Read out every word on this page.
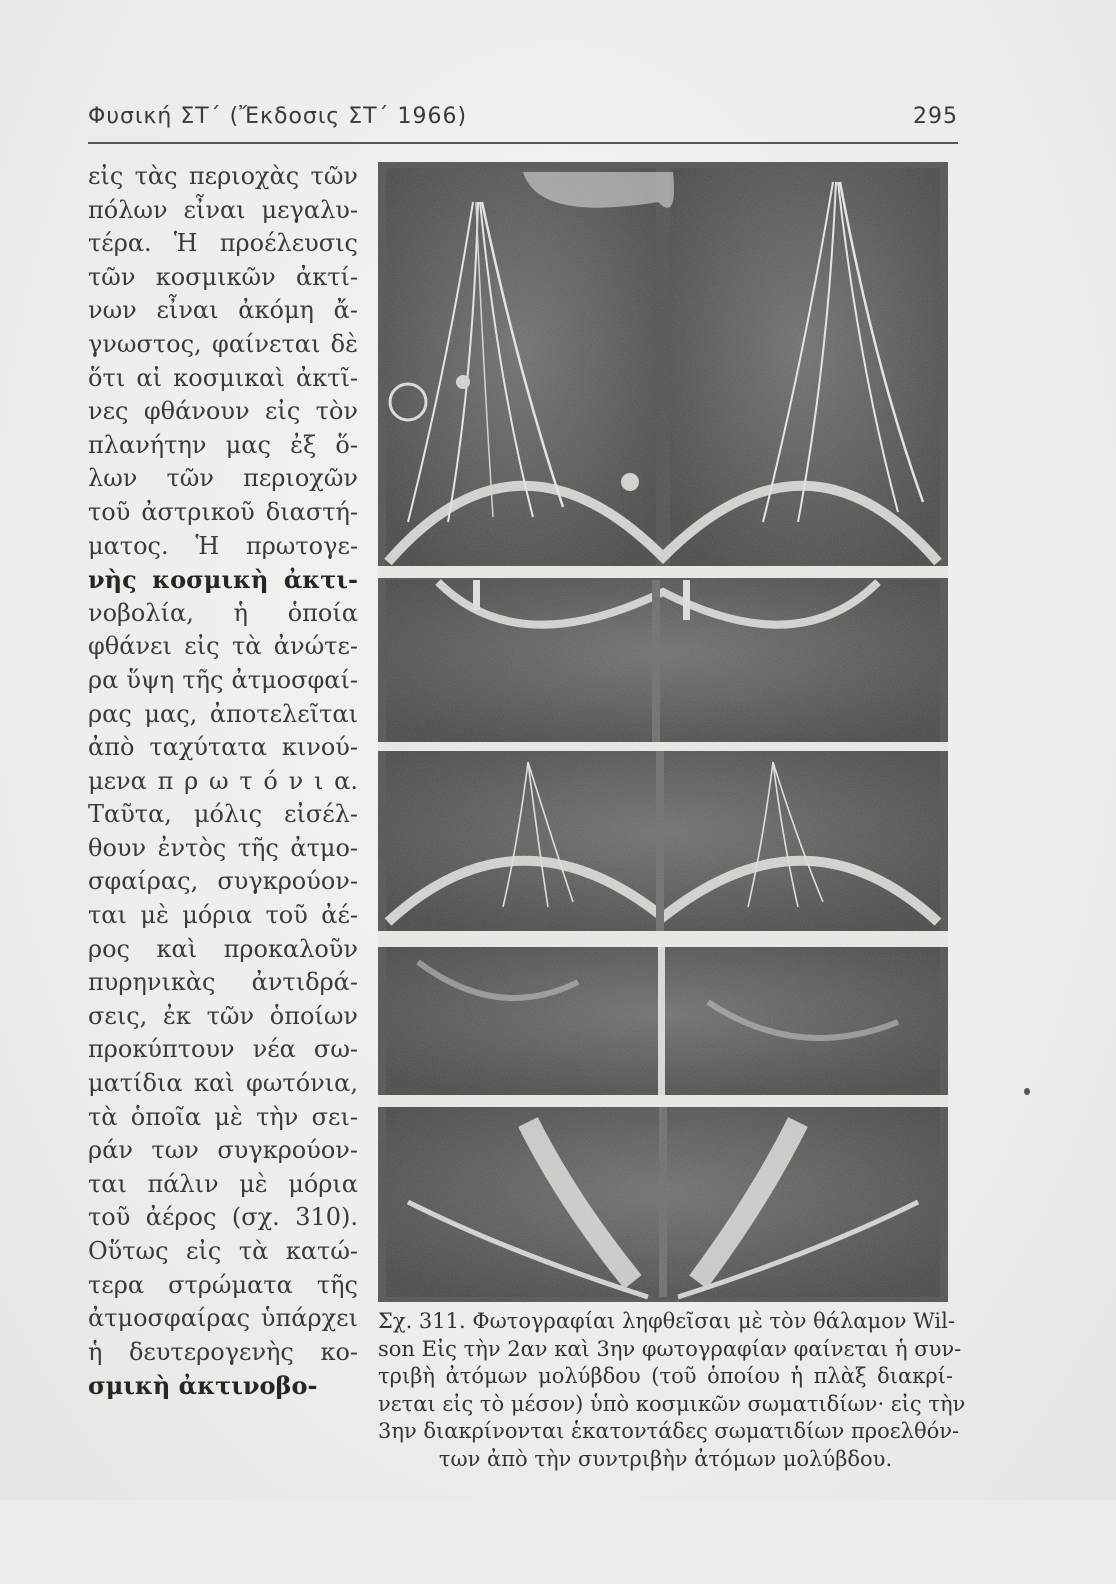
Φυσική ΣΤ΄ (Ἔκδοσις ΣΤ΄ 1966)	295
εἰς τὰς περιοχὰς τῶν
πόλων εἶναι μεγαλυ-
τέρα. Ἡ προέλευσις
τῶν κοσμικῶν ἀκτί-
νων εἶναι ἀκόμη ἄ-
γνωστος, φαίνεται δὲ
ὅτι αἱ κοσμικαὶ ἀκτῖ-
νες φθάνουν εἰς τὸν
πλανήτην μας ἐξ ὅ-
λων τῶν περιοχῶν
τοῦ ἀστρικοῦ διαστή-
ματος. Ἡ πρωτογε-
νὴς κοσμικὴ ἀκτι-
νοβολία, ἡ ὁποία
φθάνει εἰς τὰ ἀνώτε-
ρα ὕψη τῆς ἀτμοσφαί-
ρας μας, ἀποτελεῖται
ἀπὸ ταχύτατα κινού-
μενα π ρ ω τ ό ν ι α.
Ταῦτα, μόλις εἰσέλ-
θουν ἐντὸς τῆς ἀτμο-
σφαίρας, συγκρούον-
ται μὲ μόρια τοῦ ἀέ-
ρος καὶ προκαλοῦν
πυρηνικὰς ἀντιδρά-
σεις, ἐκ τῶν ὁποίων
προκύπτουν νέα σω-
ματίδια καὶ φωτόνια,
τὰ ὁποῖα μὲ τὴν σει-
ράν των συγκρούον-
ται πάλιν μὲ μόρια
τοῦ ἀέρος (σχ. 310).
Οὕτως εἰς τὰ κατώ-
τερα στρώματα τῆς
ἀτμοσφαίρας ὑπάρχει
ἡ δευτερογενὴς κο-
σμικὴ ἀκτινοβο-
Σχ. 311. Φωτογραφίαι ληφθεῖσαι μὲ τὸν θάλαμον Wil-
son Εἰς τὴν 2αν καὶ 3ην φωτογραφίαν φαίνεται ἡ συν-
τριβὴ ἀτόμων μολύβδου (τοῦ ὁποίου ἡ πλὰξ διακρί-
νεται εἰς τὸ μέσον) ὑπὸ κοσμικῶν σωματιδίων· εἰς τὴν
3ην διακρίνονται ἑκατοντάδες σωματιδίων προελθόν-
των ἀπὸ τὴν συντριβὴν ἀτόμων μολύβδου.
